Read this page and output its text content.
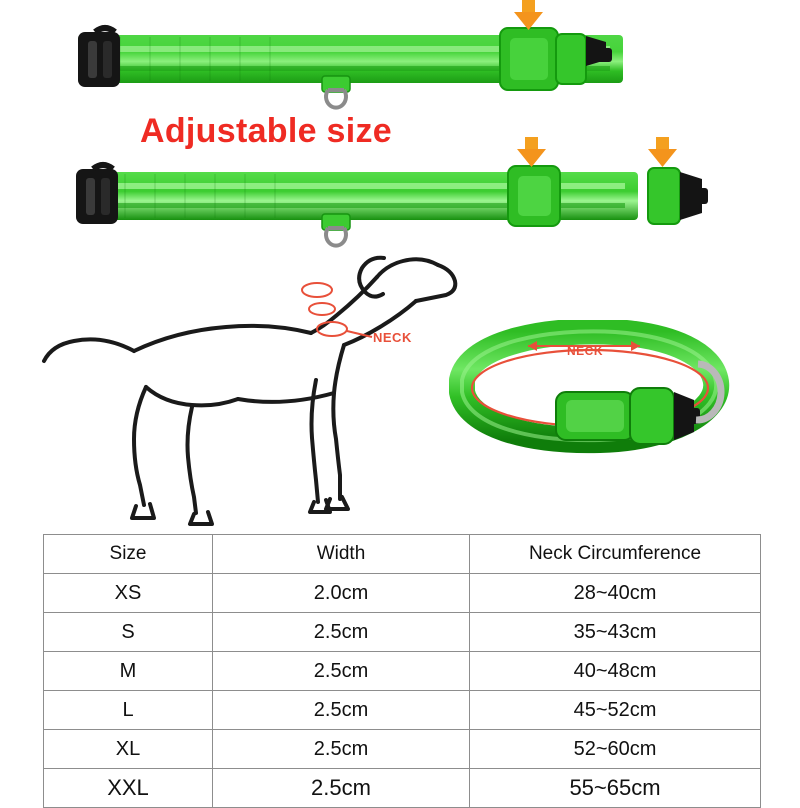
Adjustable size
NECK
NECK
Size	Width	Neck Circumference
XS	2.0cm	28~40cm
S	2.5cm	35~43cm
M	2.5cm	40~48cm
L	2.5cm	45~52cm
XL	2.5cm	52~60cm
XXL	2.5cm	55~65cm
